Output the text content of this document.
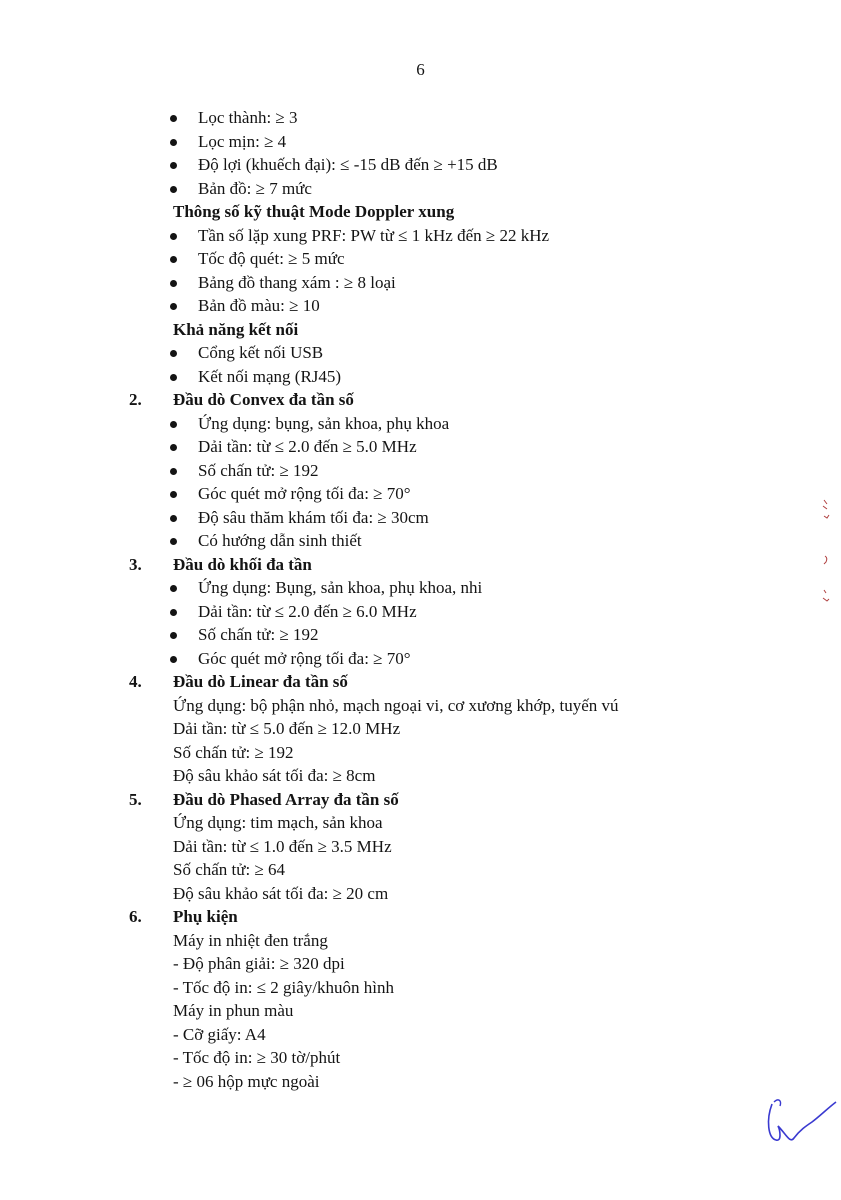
6
Lọc thành: ≥ 3
Lọc mịn: ≥ 4
Độ lợi (khuếch đại): ≤ -15 dB đến ≥ +15 dB
Bản đồ: ≥ 7 mức
Thông số kỹ thuật Mode Doppler xung
Tần số lặp xung PRF: PW từ ≤ 1 kHz đến ≥ 22 kHz
Tốc độ quét: ≥ 5 mức
Bảng đồ thang xám : ≥ 8 loại
Bản đồ màu: ≥ 10
Khả năng kết nối
Cổng kết nối USB
Kết nối mạng (RJ45)
2. Đầu dò Convex đa tần số
Ứng dụng: bụng, sản khoa, phụ khoa
Dải tần: từ ≤ 2.0 đến ≥ 5.0 MHz
Số chấn tử: ≥ 192
Góc quét mở rộng tối đa: ≥ 70°
Độ sâu thăm khám tối đa: ≥ 30cm
Có hướng dẫn sinh thiết
3. Đầu dò khối đa tần
Ứng dụng: Bụng, sản khoa, phụ khoa, nhi
Dải tần: từ ≤ 2.0 đến ≥ 6.0 MHz
Số chấn tử: ≥ 192
Góc quét mở rộng tối đa: ≥ 70°
4. Đầu dò Linear đa tần số
Ứng dụng: bộ phận nhỏ, mạch ngoại vi, cơ xương khớp, tuyến vú
Dải tần: từ ≤ 5.0 đến ≥ 12.0 MHz
Số chấn tử: ≥ 192
Độ sâu khảo sát tối đa: ≥ 8cm
5. Đầu dò Phased Array đa tần số
Ứng dụng: tim mạch, sản khoa
Dải tần: từ ≤ 1.0 đến ≥ 3.5 MHz
Số chấn tử: ≥ 64
Độ sâu khảo sát tối đa: ≥ 20 cm
6. Phụ kiện
Máy in nhiệt đen trắng
- Độ phân giải: ≥ 320 dpi
- Tốc độ in: ≤ 2 giây/khuôn hình
Máy in phun màu
- Cỡ giấy: A4
- Tốc độ in: ≥ 30 tờ/phút
- ≥ 06 hộp mực ngoài
